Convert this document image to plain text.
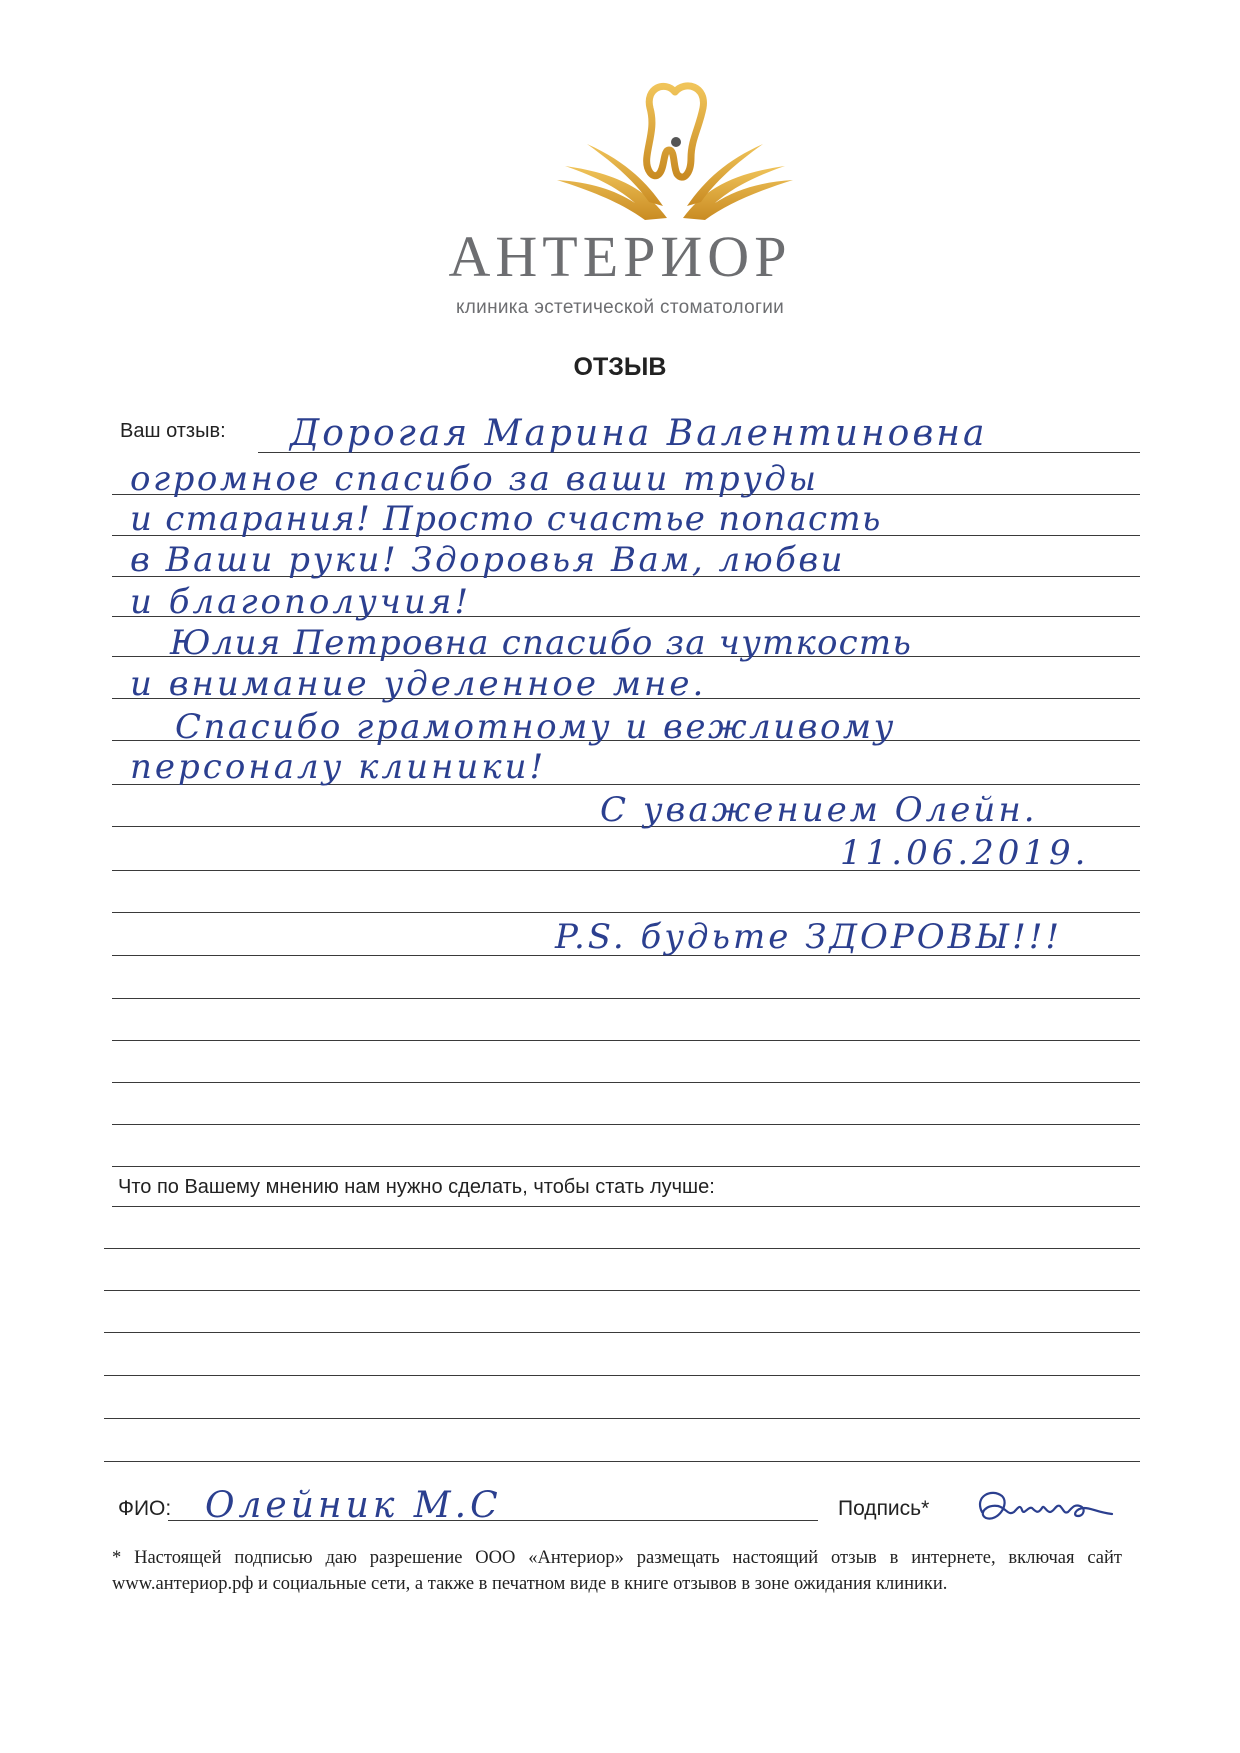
АНТЕРИОР
клиника эстетической стоматологии
ОТЗЫВ
Ваш отзыв: Дорогая Марина Валентиновна
огромное спасибо за ваши труды
и старания! Просто счастье попасть
в Ваши руки! Здоровья Вам, любви
и благополучия!
Юлия Петровна спасибо за чуткость
и внимание уделенное мне.
Спасибо грамотному и вежливому
персоналу клиники!
С уважением Олейн.
11.06.2019.
P.S. будьте ЗДОРОВЫ!!!
Что по Вашему мнению нам нужно сделать, чтобы стать лучше:
ФИО: Олейник М.С	Подпись*
* Настоящей подписью даю разрешение ООО «Антериор» размещать настоящий отзыв в интернете, включая сайт www.антериор.рф и социальные сети, а также в печатном виде в книге отзывов в зоне ожидания клиники.
